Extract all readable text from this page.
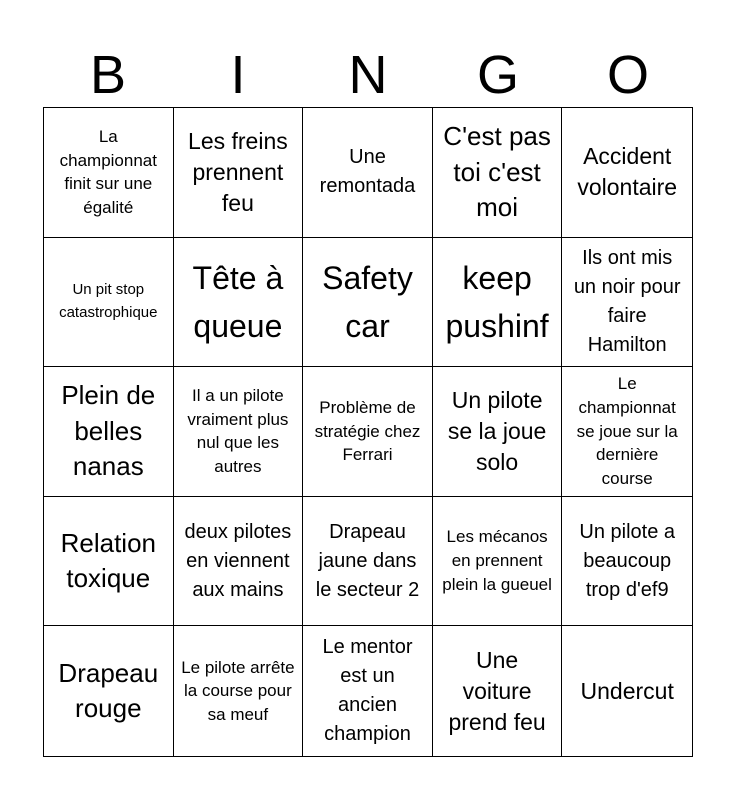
B	I	N	G	O
La championnat finit sur une égalité
Les freins prennent feu
Une remontada
C'est pas toi c'est moi
Accident volontaire
Un pit stop catastrophique
Tête à queue
Safety car
keep pushinf
Ils ont mis un noir pour faire Hamilton
Plein de belles nanas
Il a un pilote vraiment plus nul que les autres
Problème de stratégie chez Ferrari
Un pilote se la joue solo
Le championnat se joue sur la dernière course
Relation toxique
deux pilotes en viennent aux mains
Drapeau jaune dans le secteur 2
Les mécanos en prennent plein la gueuel
Un pilote a beaucoup trop d'ef9
Drapeau rouge
Le pilote arrête la course pour sa meuf
Le mentor est un ancien champion
Une voiture prend feu
Undercut
